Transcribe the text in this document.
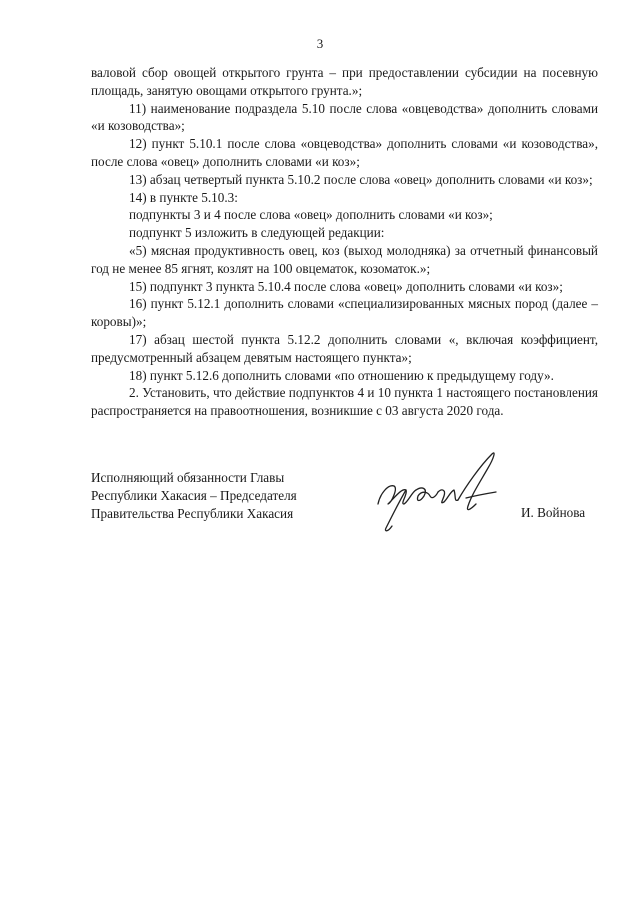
3

валовой сбор овощей открытого грунта – при предоставлении субсидии на посевную площадь, занятую овощами открытого грунта.»;

11) наименование подраздела 5.10 после слова «овцеводства» дополнить словами «и козоводства»;

12) пункт 5.10.1 после слова «овцеводства» дополнить словами «и козоводства», после слова «овец» дополнить словами «и коз»;

13) абзац четвертый пункта 5.10.2 после слова «овец» дополнить словами «и коз»;

14) в пункте 5.10.3:

подпункты 3 и 4 после слова «овец» дополнить словами «и коз»;

подпункт 5 изложить в следующей редакции:

«5) мясная продуктивность овец, коз (выход молодняка) за отчетный финансовый год не менее 85 ягнят, козлят на 100 овцематок, козоматок.»;

15) подпункт 3 пункта 5.10.4 после слова «овец» дополнить словами «и коз»;

16) пункт 5.12.1 дополнить словами «специализированных мясных пород (далее – коровы)»;

17) абзац шестой пункта 5.12.2 дополнить словами «, включая коэффициент, предусмотренный абзацем девятым настоящего пункта»;

18) пункт 5.12.6 дополнить словами «по отношению к предыдущему году».

2. Установить, что действие подпунктов 4 и 10 пункта 1 настоящего постановления распространяется на правоотношения, возникшие с 03 августа 2020 года.

Исполняющий обязанности Главы
Республики Хакасия – Председателя
Правительства Республики Хакасия	И. Войнова
